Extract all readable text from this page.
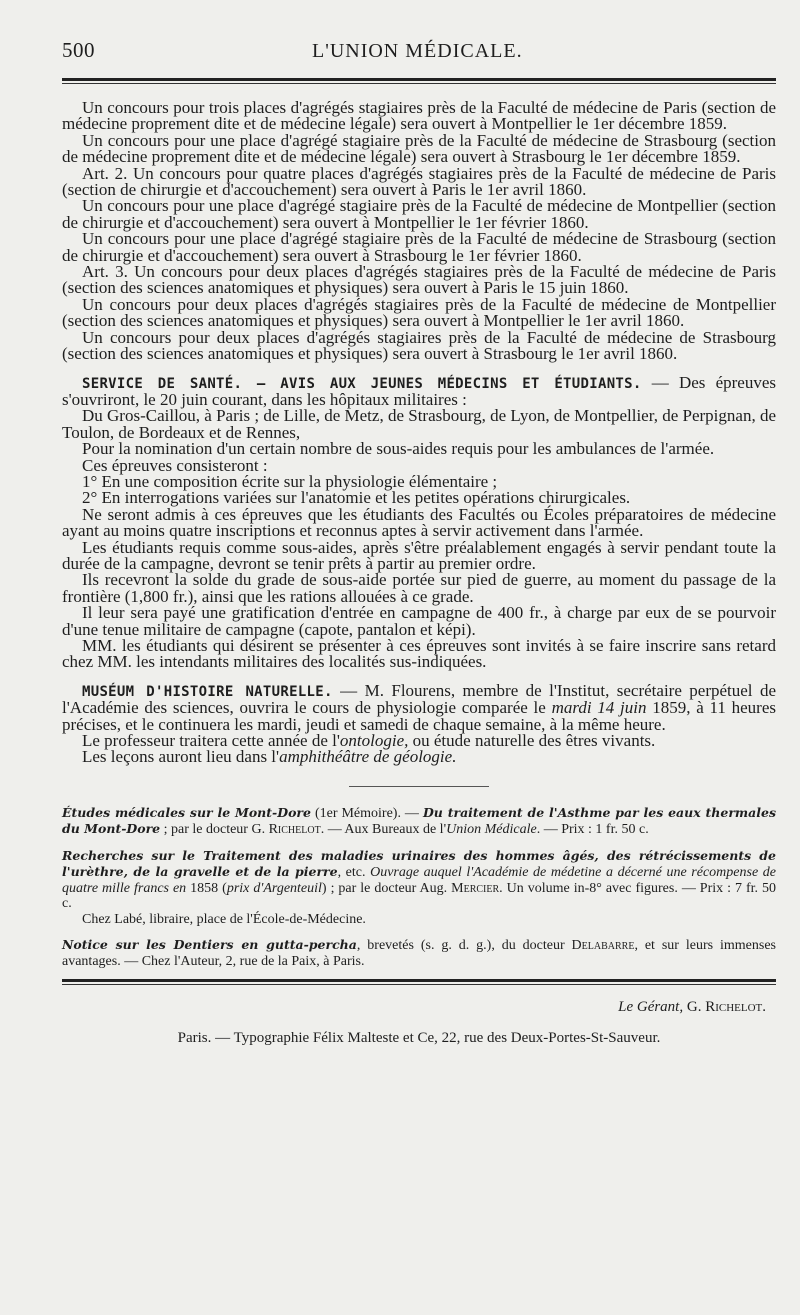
500	L'UNION MÉDICALE.

Un concours pour trois places d'agrégés stagiaires près de la Faculté de médecine de Paris (section de médecine proprement dite et de médecine légale) sera ouvert à Montpellier le 1er décembre 1859.

Un concours pour une place d'agrégé stagiaire près de la Faculté de médecine de Strasbourg (section de médecine proprement dite et de médecine légale) sera ouvert à Strasbourg le 1er décembre 1859.

Art. 2. Un concours pour quatre places d'agrégés stagiaires près de la Faculté de médecine de Paris (section de chirurgie et d'accouchement) sera ouvert à Paris le 1er avril 1860.

Un concours pour une place d'agrégé stagiaire près de la Faculté de médecine de Montpellier (section de chirurgie et d'accouchement) sera ouvert à Montpellier le 1er février 1860.

Un concours pour une place d'agrégé stagiaire près de la Faculté de médecine de Strasbourg (section de chirurgie et d'accouchement) sera ouvert à Strasbourg le 1er février 1860.

Art. 3. Un concours pour deux places d'agrégés stagiaires près de la Faculté de médecine de Paris (section des sciences anatomiques et physiques) sera ouvert à Paris le 15 juin 1860.

Un concours pour deux places d'agrégés stagiaires près de la Faculté de médecine de Montpellier (section des sciences anatomiques et physiques) sera ouvert à Montpellier le 1er avril 1860.

Un concours pour deux places d'agrégés stagiaires près de la Faculté de médecine de Strasbourg (section des sciences anatomiques et physiques) sera ouvert à Strasbourg le 1er avril 1860.

SERVICE DE SANTÉ. — AVIS AUX JEUNES MÉDECINS ET ÉTUDIANTS. — Des épreuves s'ouvriront, le 20 juin courant, dans les hôpitaux militaires :

Du Gros-Caillou, à Paris ; de Lille, de Metz, de Strasbourg, de Lyon, de Montpellier, de Perpignan, de Toulon, de Bordeaux et de Rennes,

Pour la nomination d'un certain nombre de sous-aides requis pour les ambulances de l'armée.

Ces épreuves consisteront :

1° En une composition écrite sur la physiologie élémentaire ;

2° En interrogations variées sur l'anatomie et les petites opérations chirurgicales.

Ne seront admis à ces épreuves que les étudiants des Facultés ou Écoles préparatoires de médecine ayant au moins quatre inscriptions et reconnus aptes à servir activement dans l'armée.

Les étudiants requis comme sous-aides, après s'être préalablement engagés à servir pendant toute la durée de la campagne, devront se tenir prêts à partir au premier ordre.

Ils recevront la solde du grade de sous-aide portée sur pied de guerre, au moment du passage de la frontière (1,800 fr.), ainsi que les rations allouées à ce grade.

Il leur sera payé une gratification d'entrée en campagne de 400 fr., à charge par eux de se pourvoir d'une tenue militaire de campagne (capote, pantalon et képi).

MM. les étudiants qui désirent se présenter à ces épreuves sont invités à se faire inscrire sans retard chez MM. les intendants militaires des localités sus-indiquées.

MUSÉUM D'HISTOIRE NATURELLE. — M. Flourens, membre de l'Institut, secrétaire perpétuel de l'Académie des sciences, ouvrira le cours de physiologie comparée le mardi 14 juin 1859, à 11 heures précises, et le continuera les mardi, jeudi et samedi de chaque semaine, à la même heure.

Le professeur traitera cette année de l'ontologie, ou étude naturelle des êtres vivants.

Les leçons auront lieu dans l'amphithéâtre de géologie.

Études médicales sur le Mont-Dore (1er Mémoire). — Du traitement de l'Asthme par les eaux thermales du Mont-Dore ; par le docteur G. Richelot. — Aux Bureaux de l'Union Médicale. — Prix : 1 fr. 50 c.
Recherches sur le Traitement des maladies urinaires des hommes âgés, des rétrécissements de l'urèthre, de la gravelle et de la pierre, etc. Ouvrage auquel l'Académie de médetine a décerné une récompense de quatre mille francs en 1858 (prix d'Argenteuil) ; par le docteur Aug. Mercier. Un volume in-8° avec figures. — Prix : 7 fr. 50 c.
Chez Labé, libraire, place de l'École-de-Médecine.
Notice sur les Dentiers en gutta-percha, brevetés (s. g. d. g.), du docteur Delabarre, et sur leurs immenses avantages. — Chez l'Auteur, 2, rue de la Paix, à Paris.
Le Gérant, G. Richelot.
Paris. — Typographie Félix Malteste et Ce, 22, rue des Deux-Portes-St-Sauveur.
